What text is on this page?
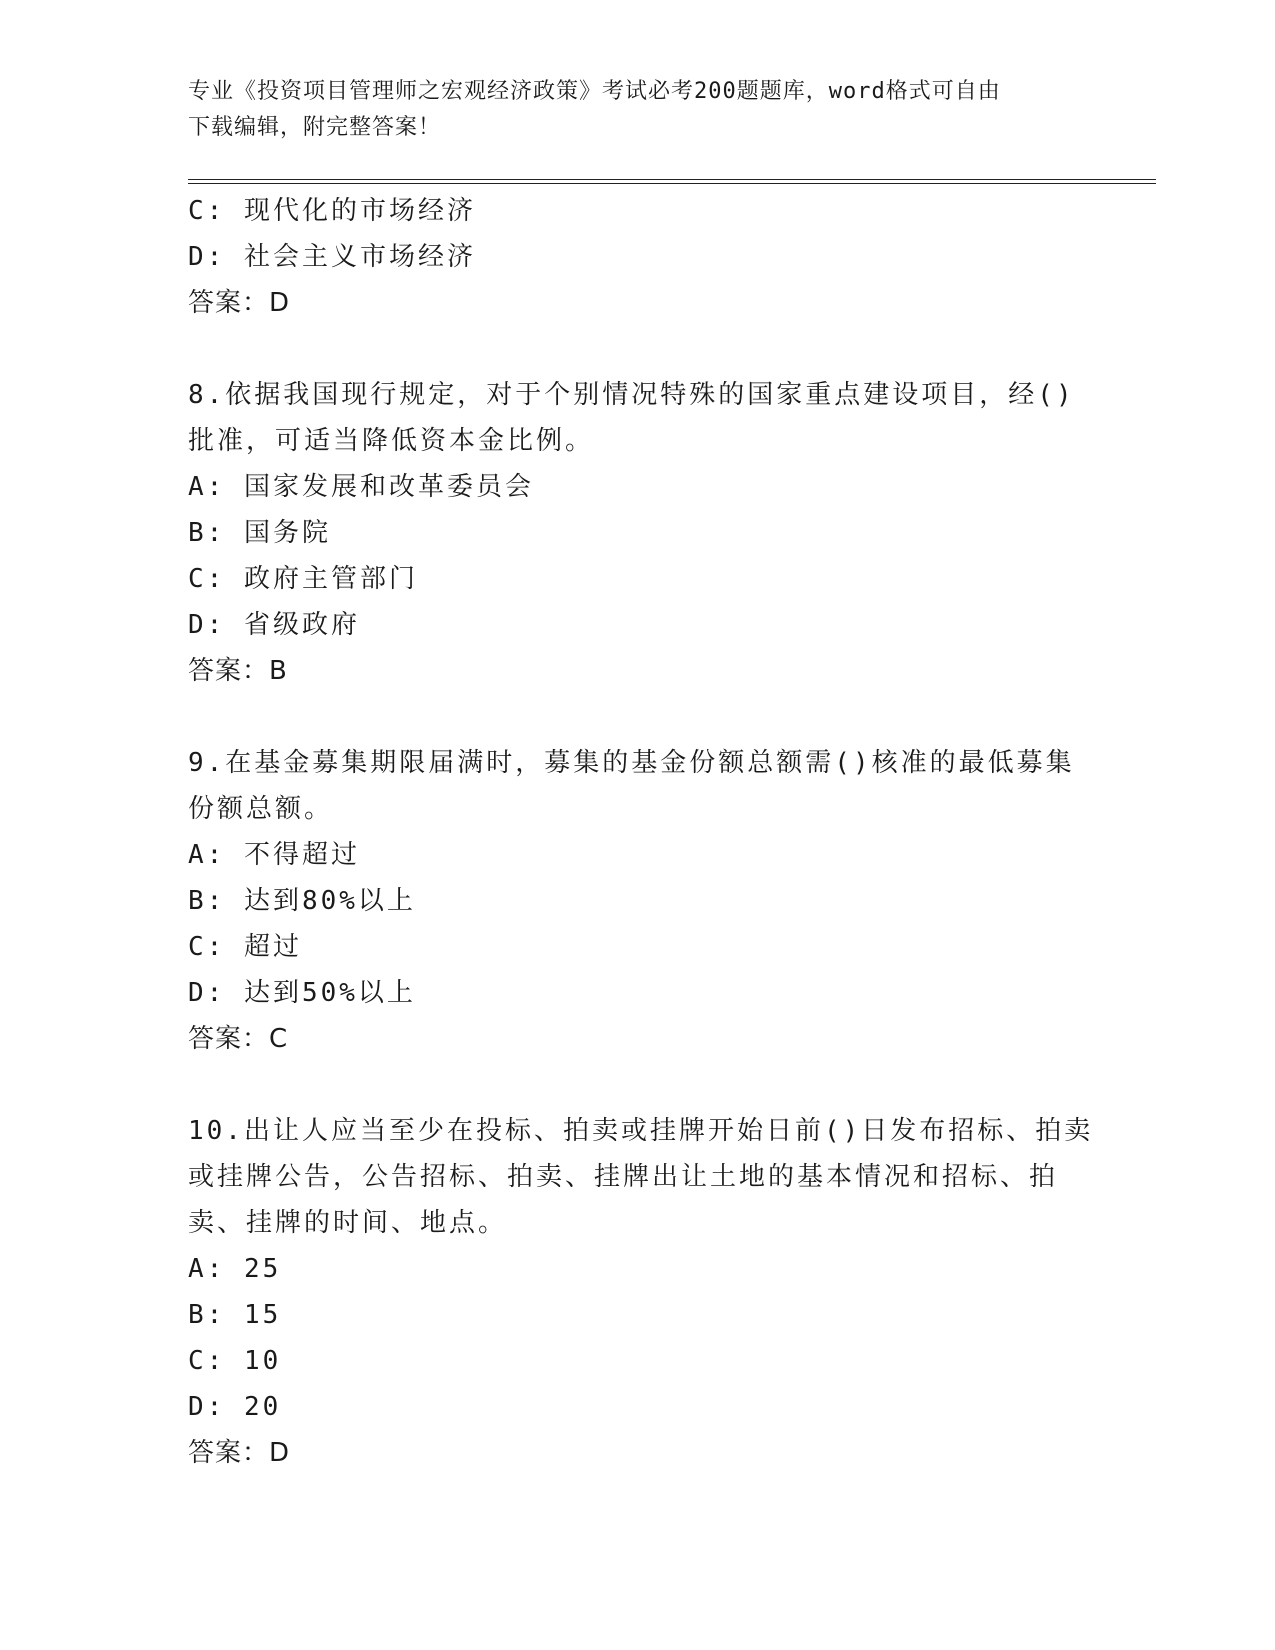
专业《投资项目管理师之宏观经济政策》考试必考200题题库，word格式可自由
下载编辑，附完整答案！
C: 现代化的市场经济
D: 社会主义市场经济
答案：D
8.依据我国现行规定，对于个别情况特殊的国家重点建设项目，经()
批准，可适当降低资本金比例。
A: 国家发展和改革委员会
B: 国务院
C: 政府主管部门
D: 省级政府
答案：B
9.在基金募集期限届满时，募集的基金份额总额需()核准的最低募集
份额总额。
A: 不得超过
B: 达到80%以上
C: 超过
D: 达到50%以上
答案：C
10.出让人应当至少在投标、拍卖或挂牌开始日前()日发布招标、拍卖
或挂牌公告，公告招标、拍卖、挂牌出让土地的基本情况和招标、拍
卖、挂牌的时间、地点。
A: 25
B: 15
C: 10
D: 20
答案：D
